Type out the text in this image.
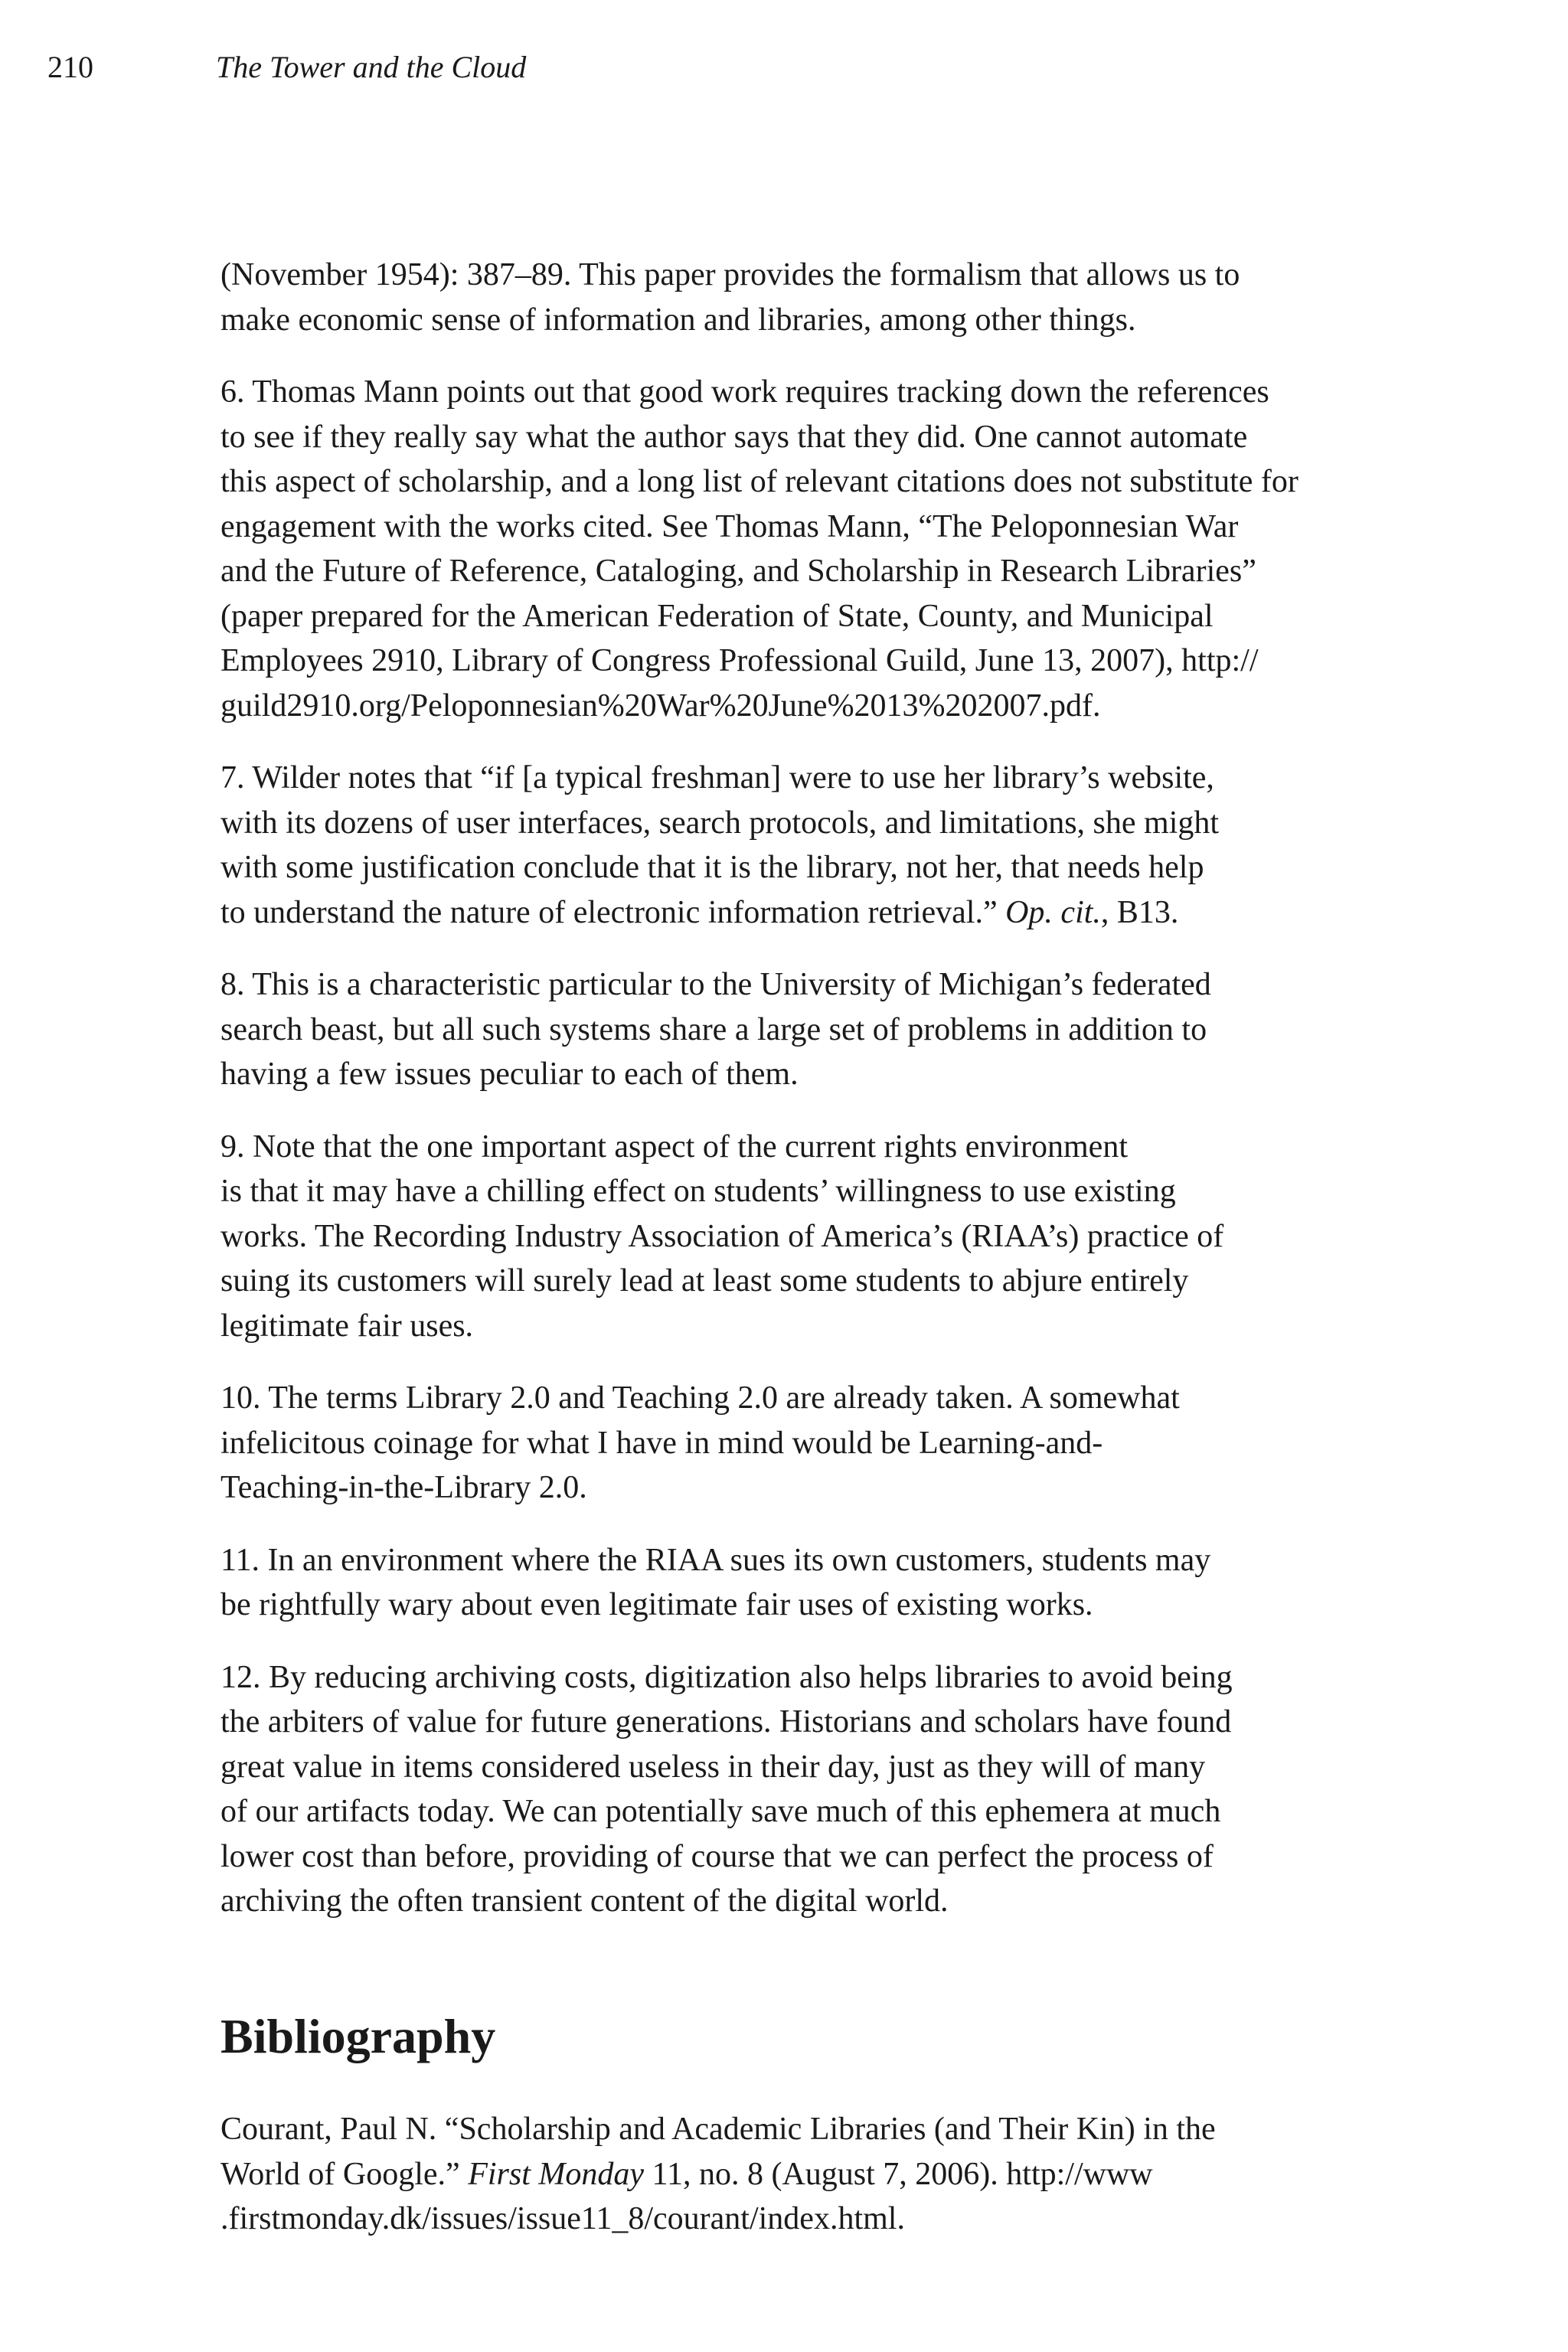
210	The Tower and the Cloud
(November 1954): 387–89. This paper provides the formalism that allows us to
make economic sense of information and libraries, among other things.
6. Thomas Mann points out that good work requires tracking down the references
to see if they really say what the author says that they did. One cannot automate
this aspect of scholarship, and a long list of relevant citations does not substitute for
engagement with the works cited. See Thomas Mann, “The Peloponnesian War
and the Future of Reference, Cataloging, and Scholarship in Research Libraries”
(paper prepared for the American Federation of State, County, and Municipal
Employees 2910, Library of Congress Professional Guild, June 13, 2007), http://
guild2910.org/Peloponnesian%20War%20June%2013%202007.pdf.
7. Wilder notes that “if [a typical freshman] were to use her library’s website,
with its dozens of user interfaces, search protocols, and limitations, she might
with some justification conclude that it is the library, not her, that needs help
to understand the nature of electronic information retrieval.” Op. cit., B13.
8. This is a characteristic particular to the University of Michigan’s federated
search beast, but all such systems share a large set of problems in addition to
having a few issues peculiar to each of them.
9. Note that the one important aspect of the current rights environment
is that it may have a chilling effect on students’ willingness to use existing
works. The Recording Industry Association of America’s (RIAA’s) practice of
suing its customers will surely lead at least some students to abjure entirely
legitimate fair uses.
10. The terms Library 2.0 and Teaching 2.0 are already taken. A somewhat
infelicitous coinage for what I have in mind would be Learning-and-
Teaching-in-the-Library 2.0.
11. In an environment where the RIAA sues its own customers, students may
be rightfully wary about even legitimate fair uses of existing works.
12. By reducing archiving costs, digitization also helps libraries to avoid being
the arbiters of value for future generations. Historians and scholars have found
great value in items considered useless in their day, just as they will of many
of our artifacts today. We can potentially save much of this ephemera at much
lower cost than before, providing of course that we can perfect the process of
archiving the often transient content of the digital world.
Bibliography
Courant, Paul N. “Scholarship and Academic Libraries (and Their Kin) in the
World of Google.” First Monday 11, no. 8 (August 7, 2006). http://www
.firstmonday.dk/issues/issue11_8/courant/index.html.
